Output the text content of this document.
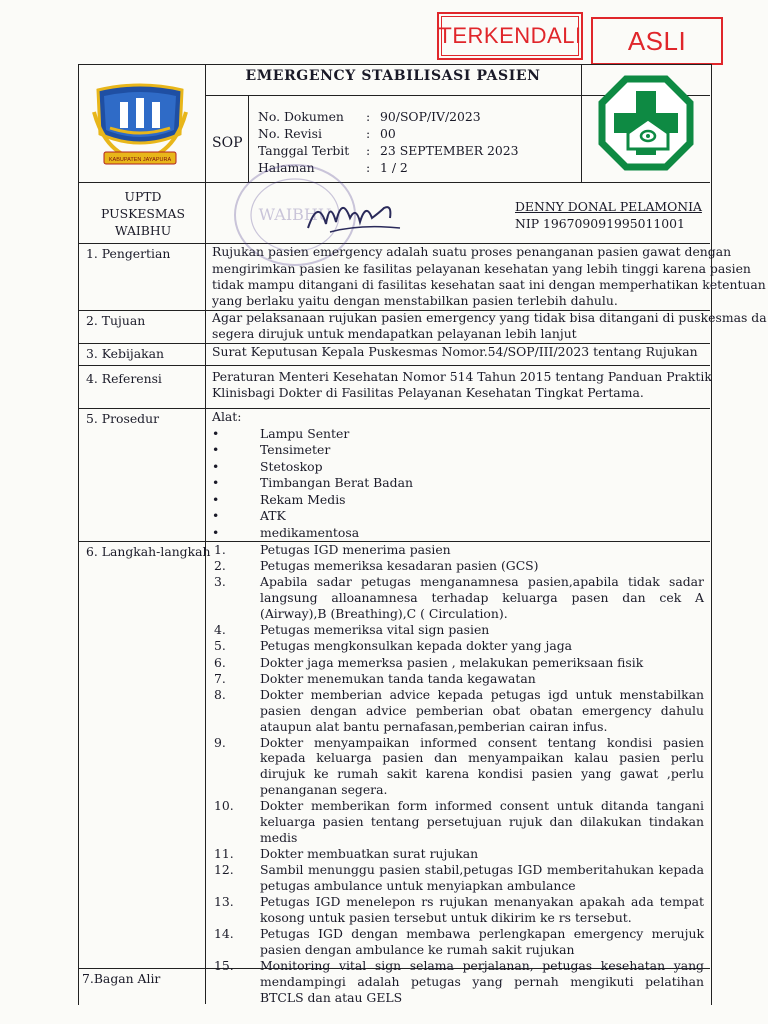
TERKENDALI	ASLI
KABUPATEN JAYAPURA
EMERGENCY STABILISASI PASIEN
SOP
No. Dokumen : 90/SOP/IV/2023
No. Revisi	: 00
Tanggal Terbit : 23 SEPTEMBER 2023
Halaman	: 1 / 2
WAIBHU
UPTD
PUSKESMAS
WAIBHU
DENNY DONAL PELAMONIA
NIP 196709091995011001
1. Pengertian	Rujukan pasien emergency adalah suatu proses penanganan pasien gawat dengan
mengirimkan pasien ke fasilitas pelayanan kesehatan yang lebih tinggi karena pasien
tidak mampu ditangani di fasilitas kesehatan saat ini dengan memperhatikan ketentuan
yang berlaku yaitu dengan menstabilkan pasien terlebih dahulu.
2. Tujuan	Agar pelaksanaan rujukan pasien emergency yang tidak bisa ditangani di puskesmas da
segera dirujuk untuk mendapatkan pelayanan lebih lanjut
3. Kebijakan	Surat Keputusan Kepala Puskesmas Nomor.54/SOP/III/2023 tentang Rujukan
4. Referensi	Peraturan Menteri Kesehatan Nomor 514 Tahun 2015 tentang Panduan Praktik
Klinisbagi Dokter di Fasilitas Pelayanan Kesehatan Tingkat Pertama.
5. Prosedur	Alat:
•	Lampu Senter
•	Tensimeter
•	Stetoskop
•	Timbangan Berat Badan
•	Rekam Medis
•	ATK
•	medikamentosa
6. Langkah-langkah 1.	Petugas IGD menerima pasien
2.	Petugas memeriksa kesadaran pasien (GCS)
3.	Apabila sadar petugas menganamnesa pasien,apabila tidak sadar langsung alloanamnesa terhadap keluarga pasen dan cek A (Airway),B (Breathing),C ( Circulation).
4.	Petugas memeriksa vital sign pasien
5.	Petugas mengkonsulkan kepada dokter yang jaga
6.	Dokter jaga memerksa pasien , melakukan pemeriksaan fisik
7.	Dokter menemukan tanda tanda kegawatan
8.	Dokter memberian advice kepada petugas igd untuk menstabilkan pasien dengan advice pemberian obat obatan emergency dahulu ataupun alat bantu pernafasan,pemberian cairan infus.
9.	Dokter menyampaikan informed consent tentang kondisi pasien kepada keluarga pasien dan menyampaikan kalau pasien perlu dirujuk ke rumah sakit karena kondisi pasien yang gawat ,perlu penanganan segera.
10. Dokter memberikan form informed consent untuk ditanda tangani keluarga pasien tentang persetujuan rujuk dan dilakukan tindakan medis
11. Dokter membuatkan surat rujukan
12. Sambil menunggu pasien stabil,petugas IGD memberitahukan kepada petugas ambulance untuk menyiapkan ambulance
13. Petugas IGD menelepon rs rujukan menanyakan apakah ada tempat kosong untuk pasien tersebut untuk dikirim ke rs tersebut.
14. Petugas IGD dengan membawa perlengkapan emergency merujuk pasien dengan ambulance ke rumah sakit rujukan
15. Monitoring vital sign selama perjalanan, petugas kesehatan yang mendampingi adalah petugas yang pernah mengikuti pelatihan BTCLS dan atau GELS
7.Bagan Alir
